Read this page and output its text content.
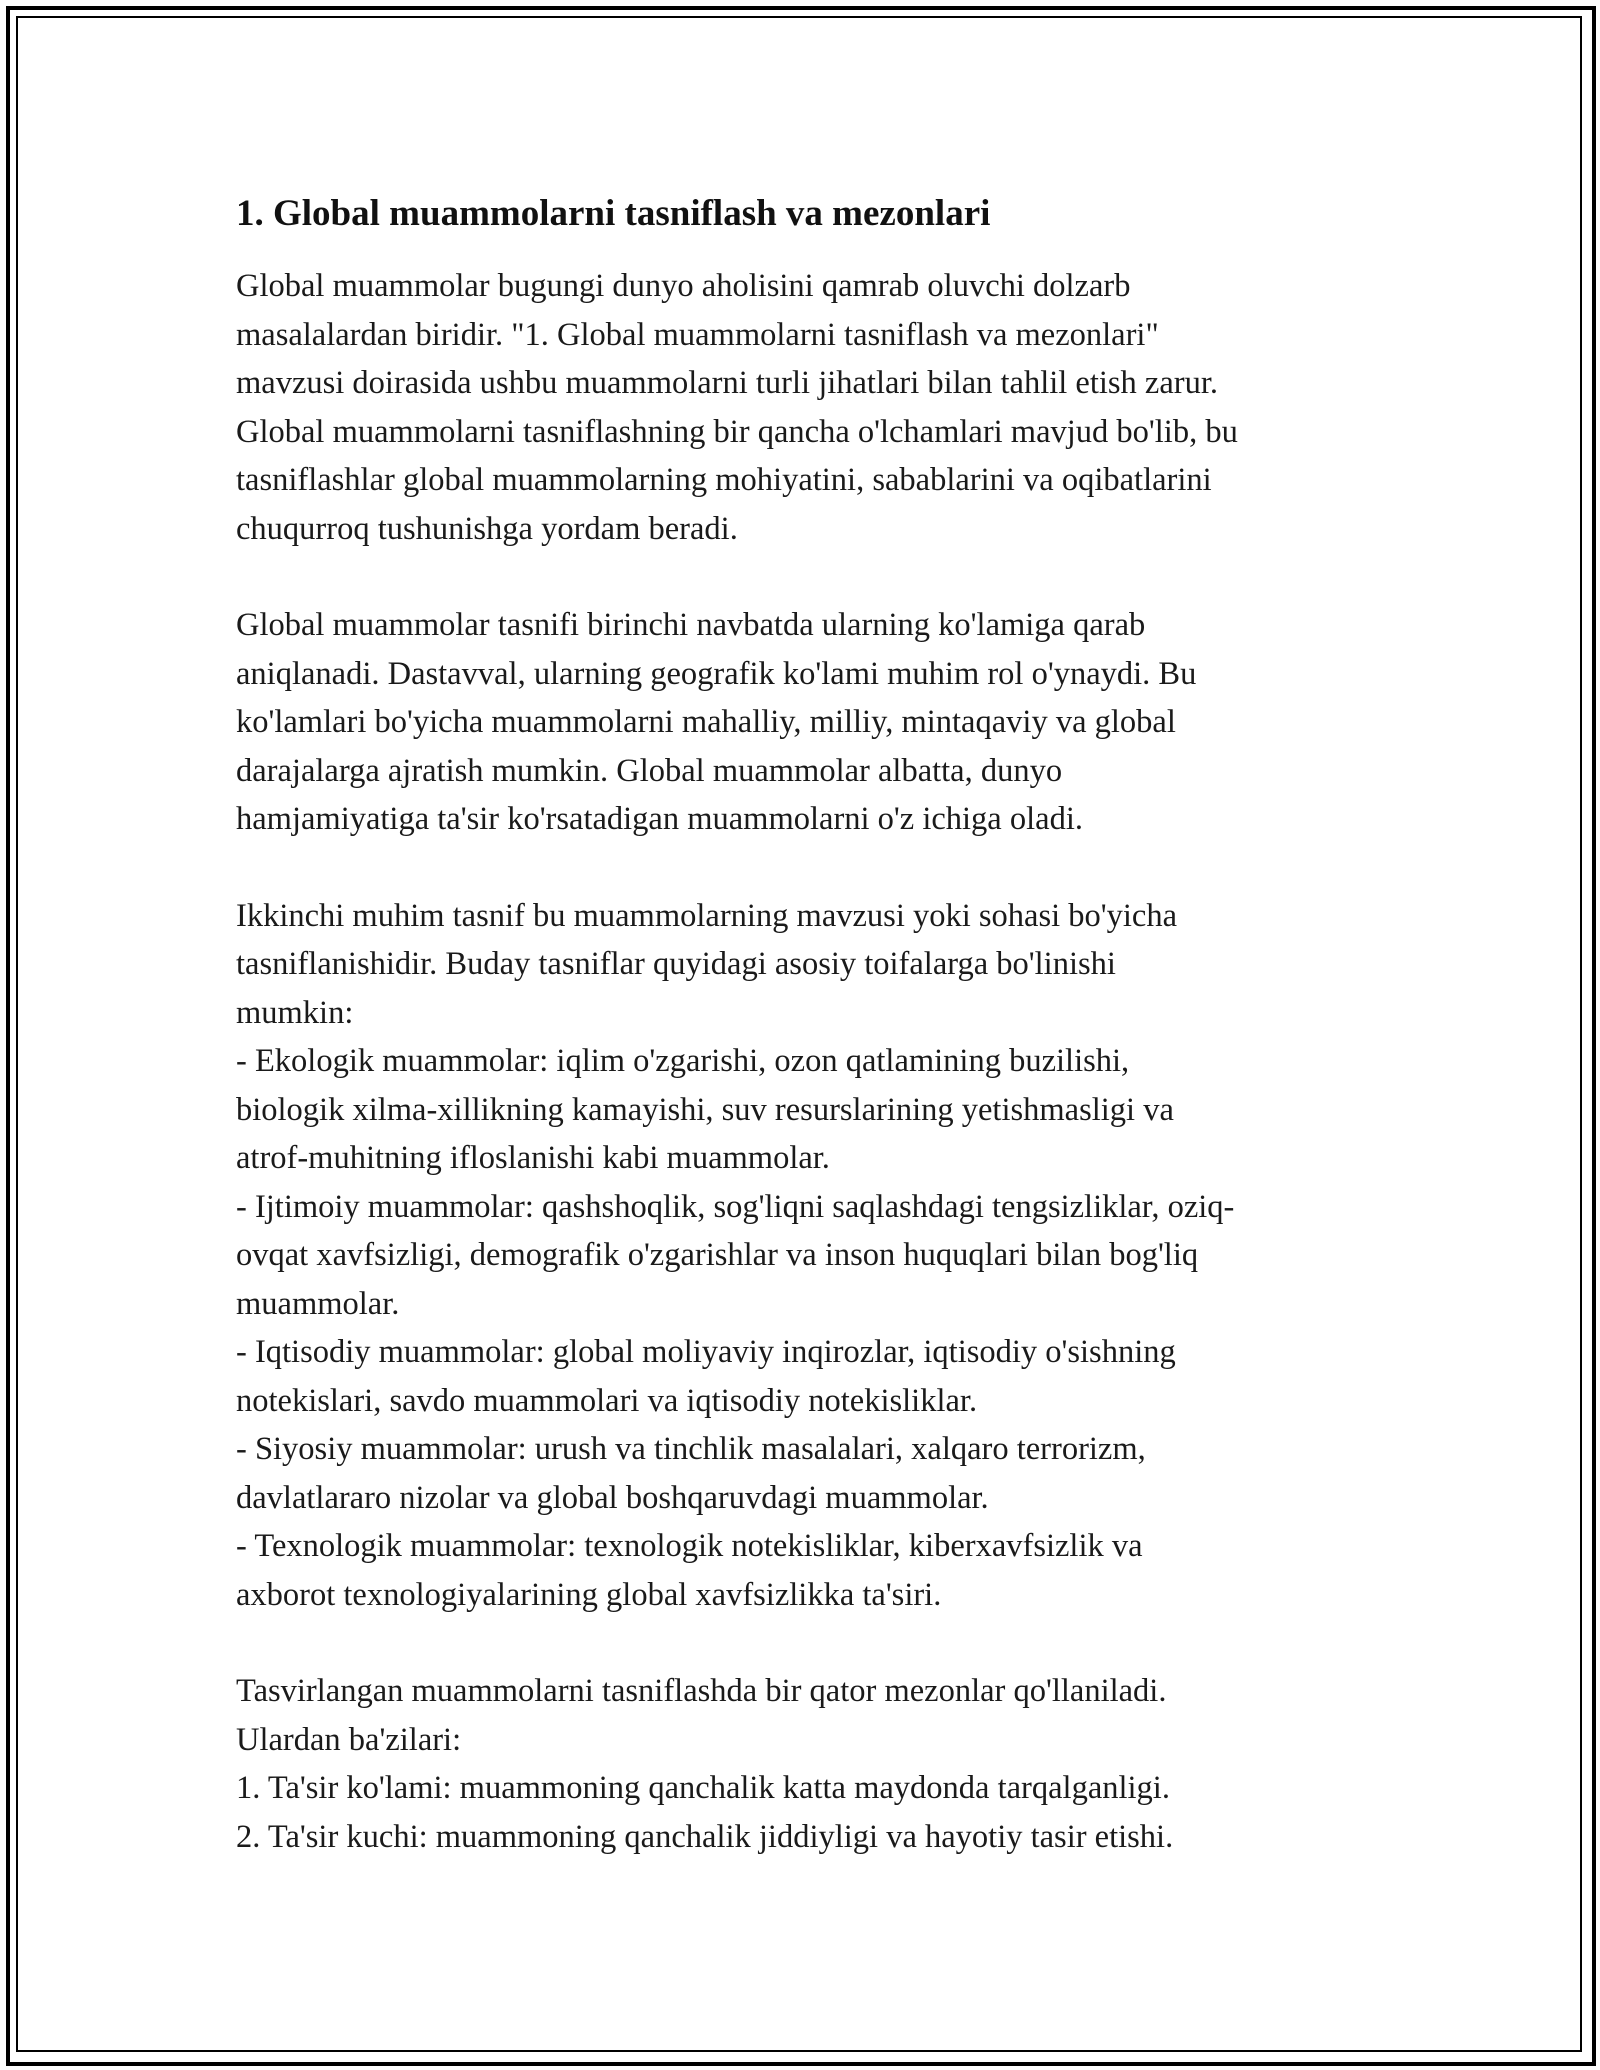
1. Global muammolarni tasniflash va mezonlari
Global muammolar bugungi dunyo aholisini qamrab oluvchi dolzarb
masalalardan biridir. "1. Global muammolarni tasniflash va mezonlari"
mavzusi doirasida ushbu muammolarni turli jihatlari bilan tahlil etish zarur.
Global muammolarni tasniflashning bir qancha o'lchamlari mavjud bo'lib, bu
tasniflashlar global muammolarning mohiyatini, sabablarini va oqibatlarini
chuqurroq tushunishga yordam beradi.
Global muammolar tasnifi birinchi navbatda ularning ko'lamiga qarab
aniqlanadi. Dastavval, ularning geografik ko'lami muhim rol o'ynaydi. Bu
ko'lamlari bo'yicha muammolarni mahalliy, milliy, mintaqaviy va global
darajalarga ajratish mumkin. Global muammolar albatta, dunyo
hamjamiyatiga ta'sir ko'rsatadigan muammolarni o'z ichiga oladi.
Ikkinchi muhim tasnif bu muammolarning mavzusi yoki sohasi bo'yicha
tasniflanishidir. Buday tasniflar quyidagi asosiy toifalarga bo'linishi
mumkin:
- Ekologik muammolar: iqlim o'zgarishi, ozon qatlamining buzilishi,
biologik xilma-xillikning kamayishi, suv resurslarining yetishmasligi va
atrof-muhitning ifloslanishi kabi muammolar.
- Ijtimoiy muammolar: qashshoqlik, sog'liqni saqlashdagi tengsizliklar, oziq-
ovqat xavfsizligi, demografik o'zgarishlar va inson huquqlari bilan bog'liq
muammolar.
- Iqtisodiy muammolar: global moliyaviy inqirozlar, iqtisodiy o'sishning
notekislari, savdo muammolari va iqtisodiy notekisliklar.
- Siyosiy muammolar: urush va tinchlik masalalari, xalqaro terrorizm,
davlatlararo nizolar va global boshqaruvdagi muammolar.
- Texnologik muammolar: texnologik notekisliklar, kiberxavfsizlik va
axborot texnologiyalarining global xavfsizlikka ta'siri.
Tasvirlangan muammolarni tasniflashda bir qator mezonlar qo'llaniladi.
Ulardan ba'zilari:
1. Ta'sir ko'lami: muammoning qanchalik katta maydonda tarqalganligi.
2. Ta'sir kuchi: muammoning qanchalik jiddiyligi va hayotiy tasir etishi.
